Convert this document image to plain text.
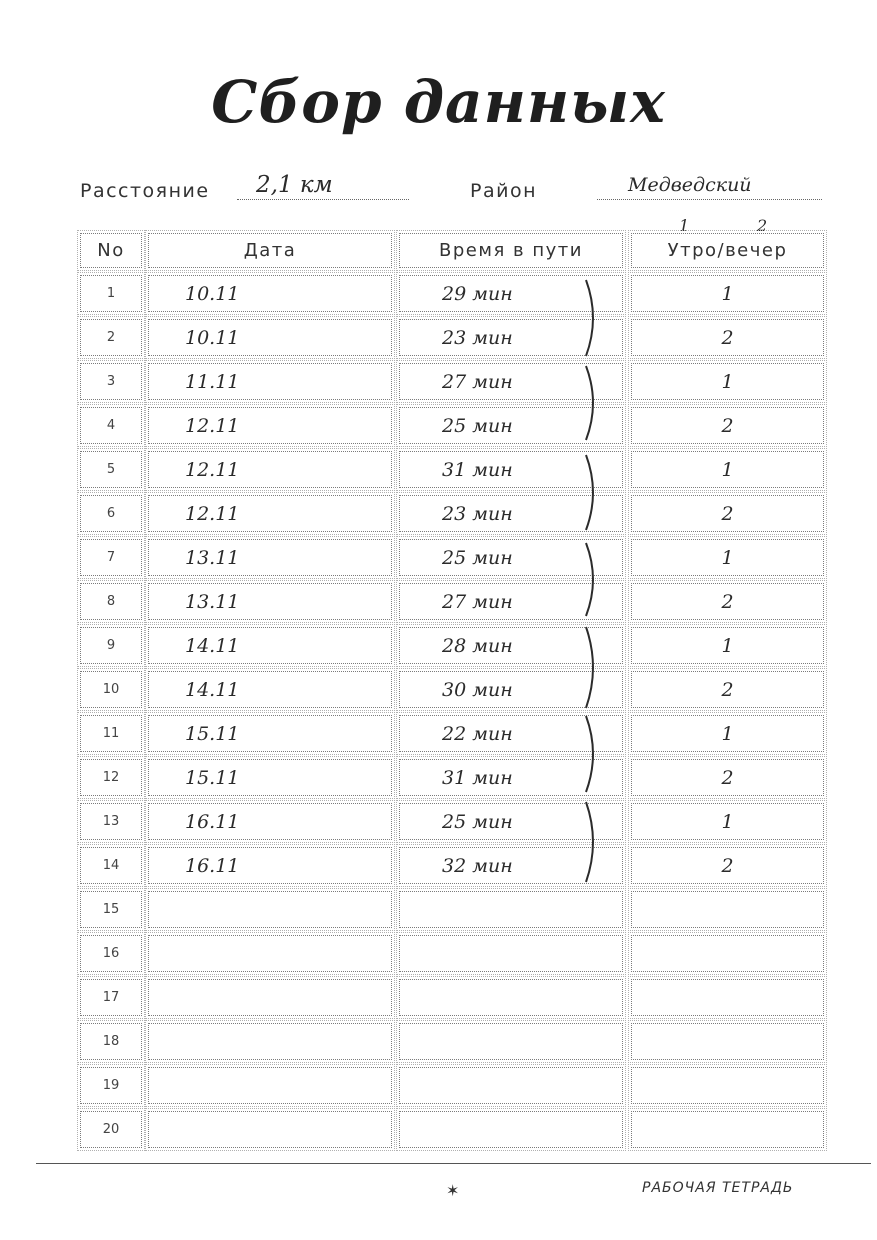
Сбор данных
Расстояние 2,1 км	Район	Медведский
1	2
No	Дата	Время в пути	Утро/вечер
1	10.11	29 мин	1
2	10.11	23 мин	2
3	11.11	27 мин	1
4	12.11	25 мин	2
5	12.11	31 мин	1
6	12.11	23 мин	2
7	13.11	25 мин	1
8	13.11	27 мин	2
9	14.11	28 мин	1
10	14.11	30 мин	2
11	15.11	22 мин	1
12	15.11	31 мин	2
13	16.11	25 мин	1
14	16.11	32 мин	2
15
16
17
18
19
20
✶	РАБОЧАЯ ТЕТРАДЬ
